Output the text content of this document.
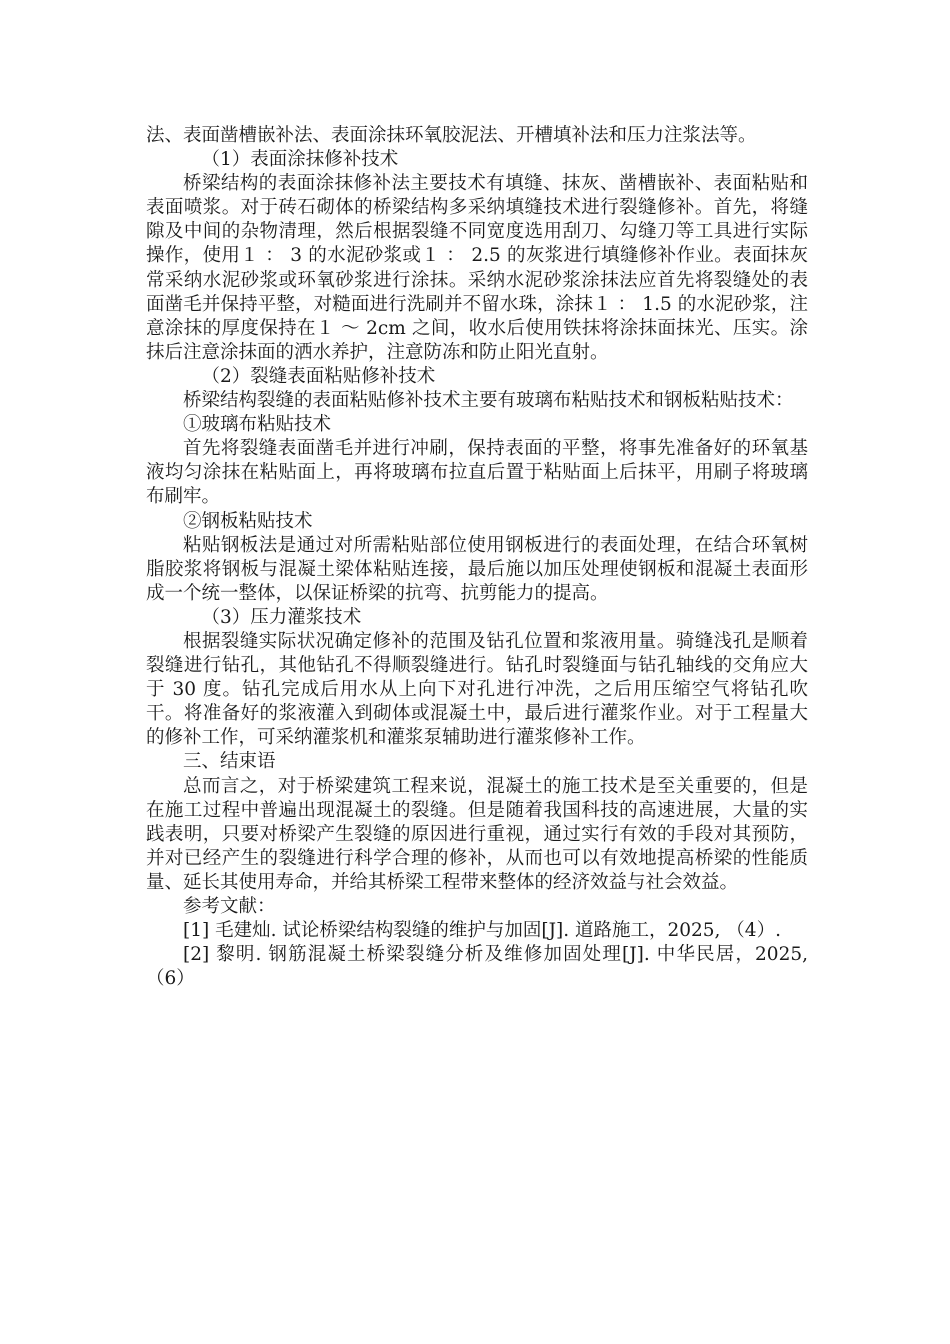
法、表面凿槽嵌补法、表面涂抹环氧胶泥法、开槽填补法和压力注浆法等。

（1）表面涂抹修补技术

桥梁结构的表面涂抹修补法主要技术有填缝、抹灰、凿槽嵌补、表面粘贴和表面喷浆。对于砖石砌体的桥梁结构多采纳填缝技术进行裂缝修补。首先，将缝隙及中间的杂物清理，然后根据裂缝不同宽度选用刮刀、勾缝刀等工具进行实际操作，使用１ ： 3 的水泥砂浆或１ ： 2.5 的灰浆进行填缝修补作业。表面抹灰常采纳水泥砂浆或环氧砂浆进行涂抹。采纳水泥砂浆涂抹法应首先将裂缝处的表面凿毛并保持平整，对糙面进行洗刷并不留水珠，涂抹１ ： 1.5 的水泥砂浆，注意涂抹的厚度保持在１ ～ 2cm 之间，收水后使用铁抹将涂抹面抹光、压实。涂抹后注意涂抹面的洒水养护，注意防冻和防止阳光直射。

（2）裂缝表面粘贴修补技术

桥梁结构裂缝的表面粘贴修补技术主要有玻璃布粘贴技术和钢板粘贴技术：

①玻璃布粘贴技术

首先将裂缝表面凿毛并进行冲刷，保持表面的平整，将事先准备好的环氧基液均匀涂抹在粘贴面上，再将玻璃布拉直后置于粘贴面上后抹平，用刷子将玻璃布刷牢。

②钢板粘贴技术

粘贴钢板法是通过对所需粘贴部位使用钢板进行的表面处理，在结合环氧树脂胶浆将钢板与混凝土梁体粘贴连接，最后施以加压处理使钢板和混凝土表面形成一个统一整体，以保证桥梁的抗弯、抗剪能力的提高。

（3）压力灌浆技术

根据裂缝实际状况确定修补的范围及钻孔位置和浆液用量。骑缝浅孔是顺着裂缝进行钻孔，其他钻孔不得顺裂缝进行。钻孔时裂缝面与钻孔轴线的交角应大于 30 度。钻孔完成后用水从上向下对孔进行冲洗，之后用压缩空气将钻孔吹干。将准备好的浆液灌入到砌体或混凝土中，最后进行灌浆作业。对于工程量大的修补工作，可采纳灌浆机和灌浆泵辅助进行灌浆修补工作。

三、结束语

总而言之，对于桥梁建筑工程来说，混凝土的施工技术是至关重要的，但是在施工过程中普遍出现混凝土的裂缝。但是随着我国科技的高速进展，大量的实践表明，只要对桥梁产生裂缝的原因进行重视，通过实行有效的手段对其预防，并对已经产生的裂缝进行科学合理的修补，从而也可以有效地提高桥梁的性能质量、延长其使用寿命，并给其桥梁工程带来整体的经济效益与社会效益。

参考文献：

[1] 毛建灿. 试论桥梁结构裂缝的维护与加固[J]. 道路施工，2025, （4）.

[2] 黎明. 钢筋混凝土桥梁裂缝分析及维修加固处理[J]. 中华民居，2025, （6）
